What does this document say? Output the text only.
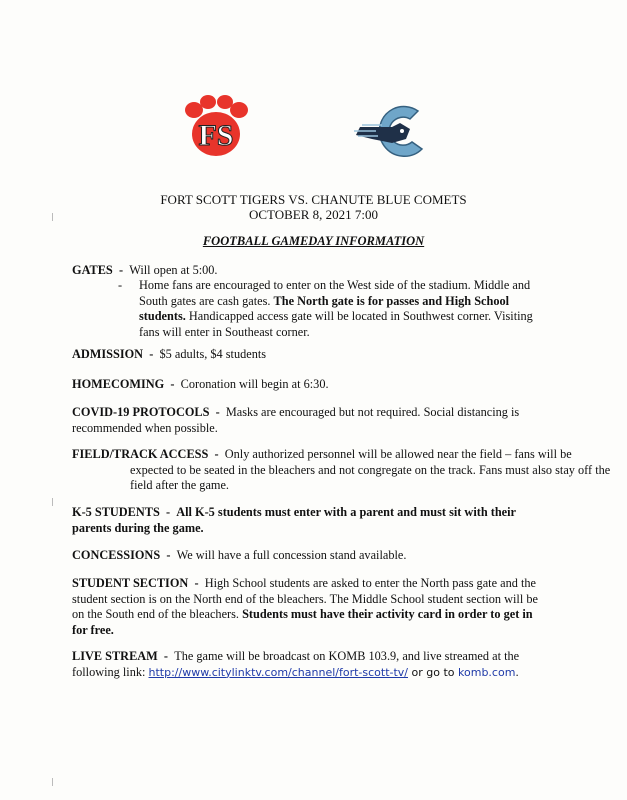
FS
FORT SCOTT TIGERS VS. CHANUTE BLUE COMETS
OCTOBER 8, 2021 7:00
FOOTBALL GAMEDAY INFORMATION
GATES - Will open at 5:00.
- Home fans are encouraged to enter on the West side of the stadium. Middle and South gates are cash gates. The North gate is for passes and High School students. Handicapped access gate will be located in Southwest corner. Visiting fans will enter in Southeast corner.
ADMISSION - $5 adults, $4 students
HOMECOMING - Coronation will begin at 6:30.
COVID-19 PROTOCOLS - Masks are encouraged but not required. Social distancing is recommended when possible.
FIELD/TRACK ACCESS - Only authorized personnel will be allowed near the field – fans will be expected to be seated in the bleachers and not congregate on the track. Fans must also stay off the field after the game.
K-5 STUDENTS - All K-5 students must enter with a parent and must sit with their parents during the game.
CONCESSIONS - We will have a full concession stand available.
STUDENT SECTION - High School students are asked to enter the North pass gate and the student section is on the North end of the bleachers. The Middle School student section will be on the South end of the bleachers. Students must have their activity card in order to get in for free.
LIVE STREAM - The game will be broadcast on KOMB 103.9, and live streamed at the following link: http://www.citylinktv.com/channel/fort-scott-tv/ or go to komb.com.
